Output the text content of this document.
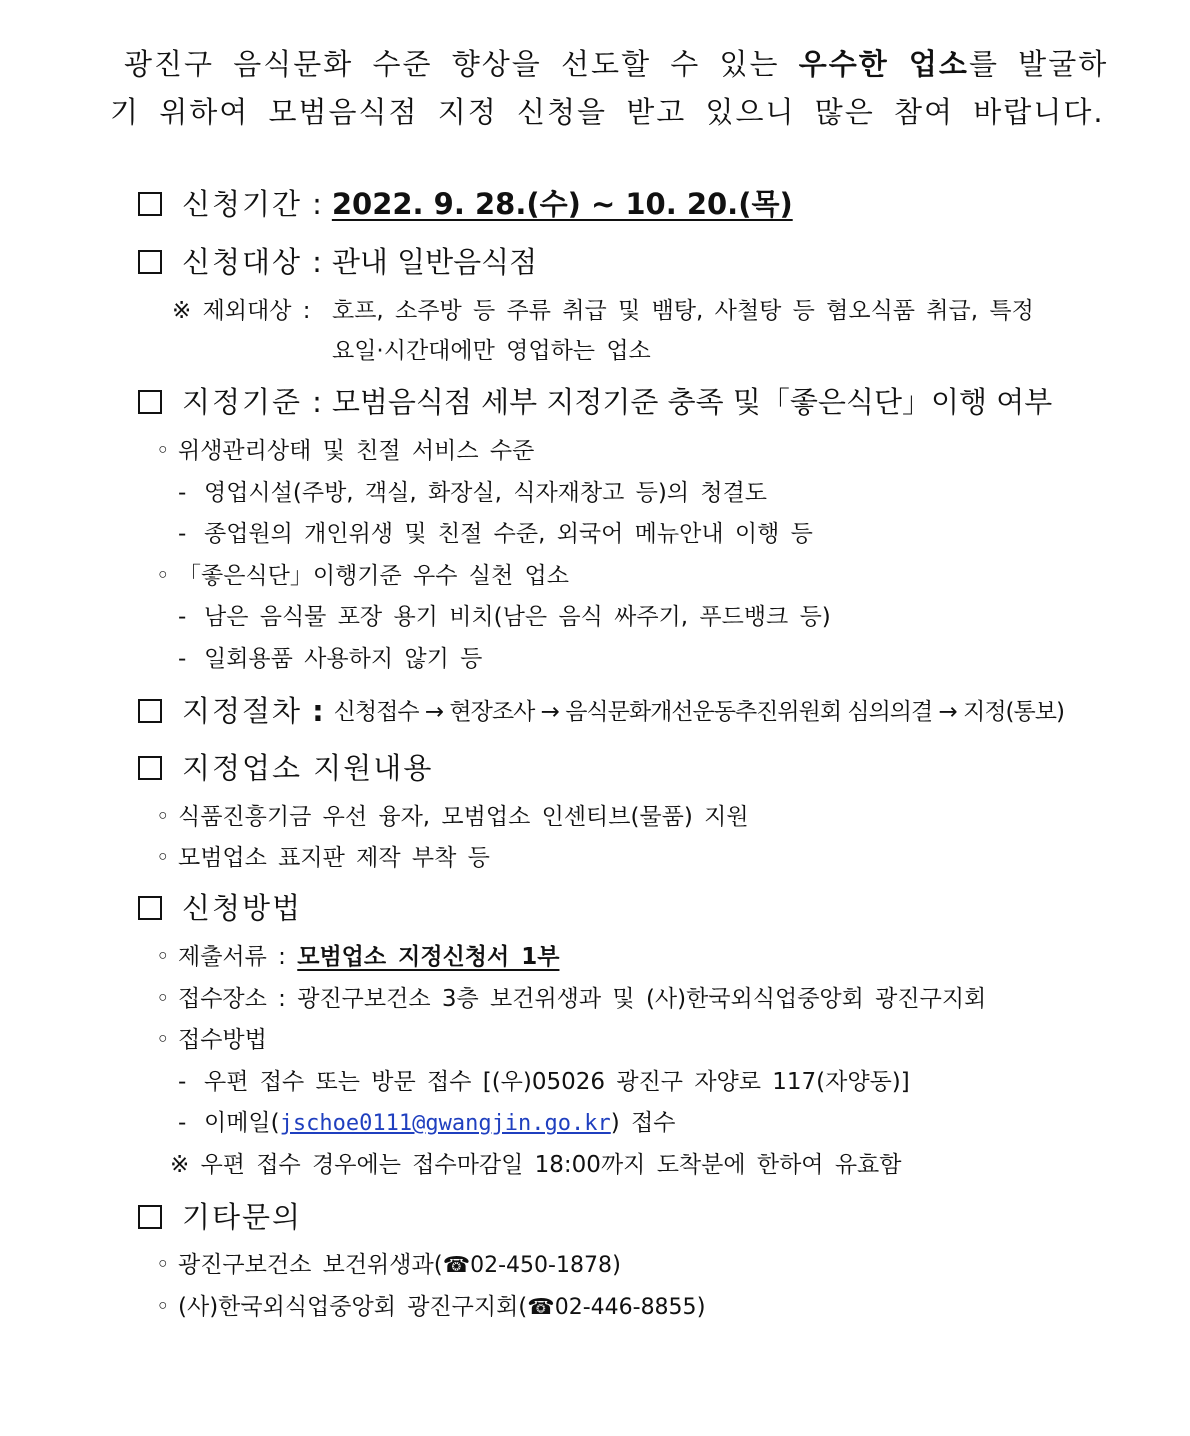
광진구 음식문화 수준 향상을 선도할 수 있는 우수한 업소를 발굴하
기 위하여 모범음식점 지정 신청을 받고 있으니 많은 참여 바랍니다.
신청기간 : 2022. 9. 28.(수) ~ 10. 20.(목)
신청대상 : 관내 일반음식점
※ 제외대상 : 호프, 소주방 등 주류 취급 및 뱀탕, 사철탕 등 혐오식품 취급, 특정
요일·시간대에만 영업하는 업소
지정기준 : 모범음식점 세부 지정기준 충족 및「좋은식단」이행 여부
◦ 위생관리상태 및 친절 서비스 수준
- 영업시설(주방, 객실, 화장실, 식자재창고 등)의 청결도
- 종업원의 개인위생 및 친절 수준, 외국어 메뉴안내 이행 등
◦ 「좋은식단」이행기준 우수 실천 업소
- 남은 음식물 포장 용기 비치(남은 음식 싸주기, 푸드뱅크 등)
- 일회용품 사용하지 않기 등
지정절차 : 신청접수 → 현장조사 → 음식문화개선운동추진위원회 심의의결 → 지정(통보)
지정업소 지원내용
◦ 식품진흥기금 우선 융자, 모범업소 인센티브(물품) 지원
◦ 모범업소 표지판 제작 부착 등
신청방법
◦ 제출서류 : 모범업소 지정신청서 1부
◦ 접수장소 : 광진구보건소 3층 보건위생과 및 (사)한국외식업중앙회 광진구지회
◦ 접수방법
- 우편 접수 또는 방문 접수 [(우)05026 광진구 자양로 117(자양동)]
- 이메일(jschoe0111@gwangjin.go.kr) 접수
※ 우편 접수 경우에는 접수마감일 18:00까지 도착분에 한하여 유효함
기타문의
◦ 광진구보건소 보건위생과(☎02-450-1878)
◦ (사)한국외식업중앙회 광진구지회(☎02-446-8855)
